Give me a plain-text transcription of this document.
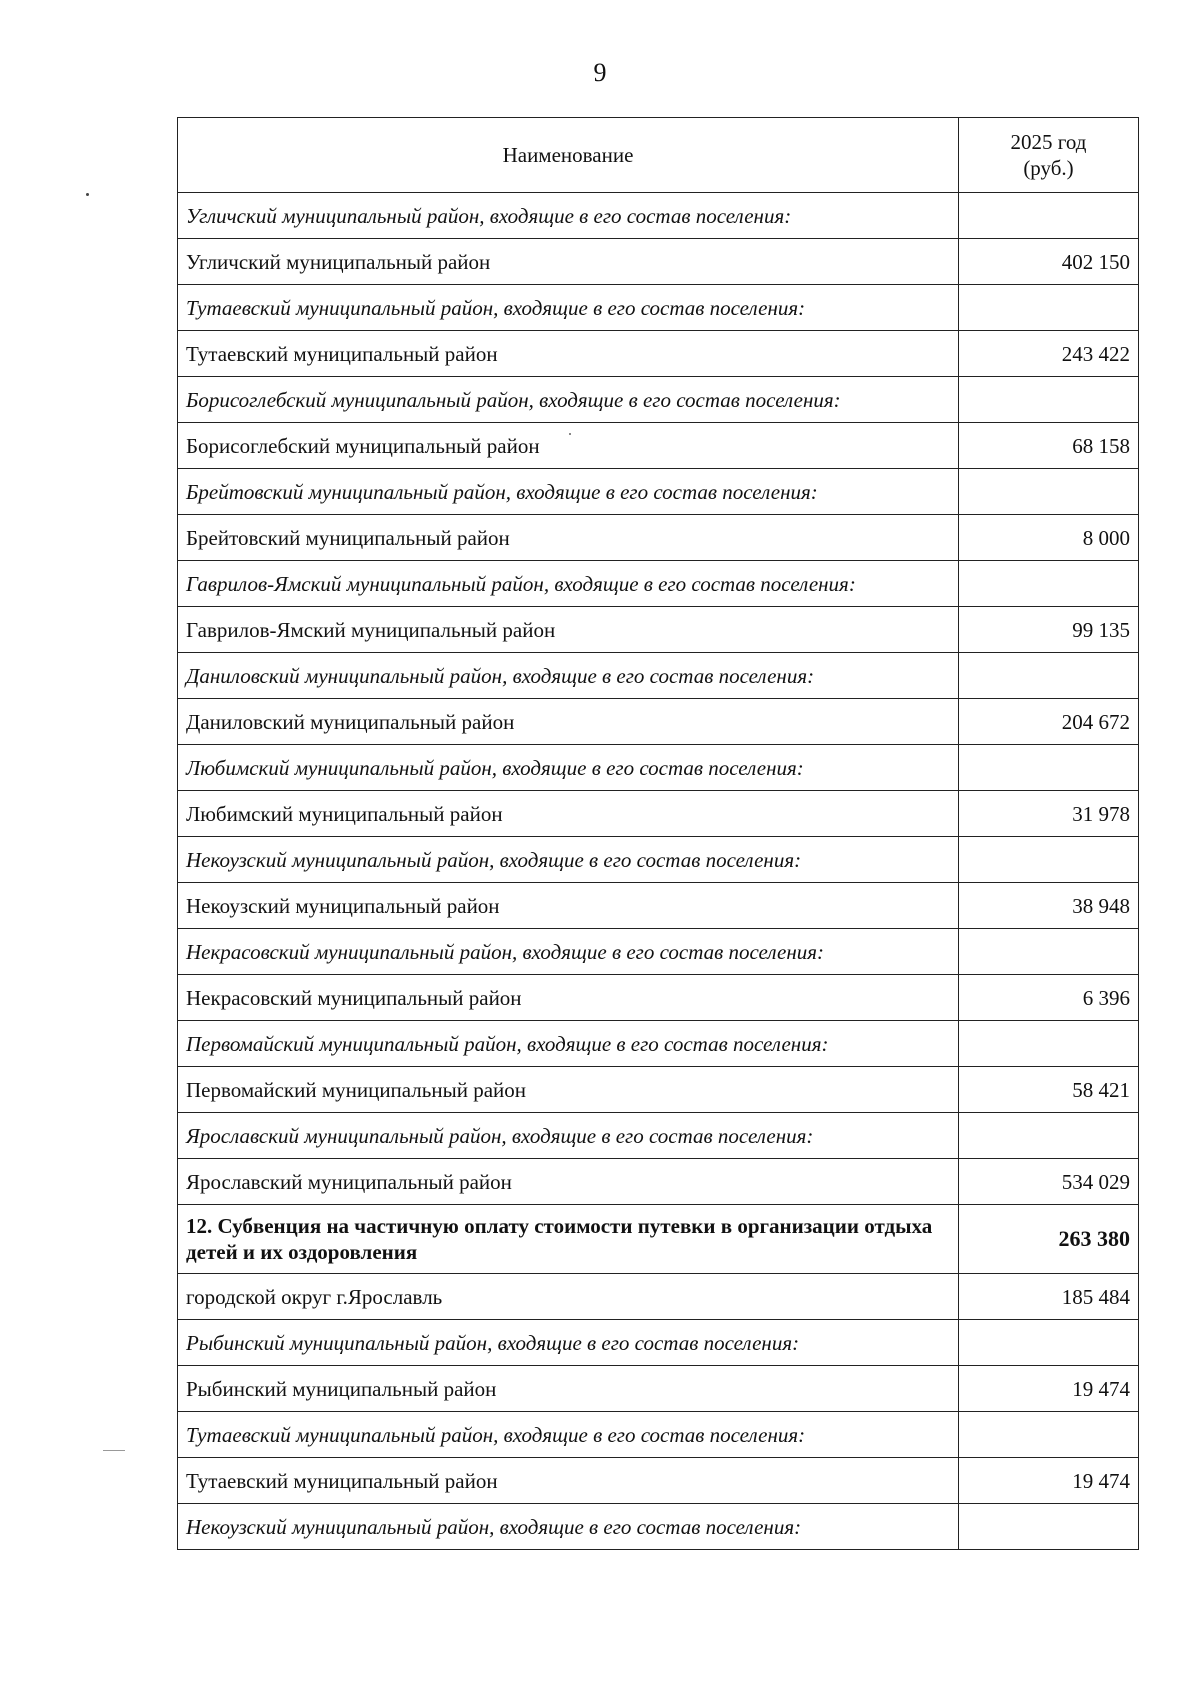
9
Наименование	2025 год
(руб.)

Угличский муниципальный район, входящие в его состав поселения:	
Угличский муниципальный район	402 150
Тутаевский муниципальный район, входящие в его состав поселения:	
Тутаевский муниципальный район	243 422
Борисоглебский муниципальный район, входящие в его состав поселения:	
Борисоглебский муниципальный район	68 158
Брейтовский муниципальный район, входящие в его состав поселения:	
Брейтовский муниципальный район	8 000
Гаврилов-Ямский муниципальный район, входящие в его состав поселения:	
Гаврилов-Ямский муниципальный район	99 135
Даниловский муниципальный район, входящие в его состав поселения:	
Даниловский муниципальный район	204 672
Любимский муниципальный район, входящие в его состав поселения:	
Любимский муниципальный район	31 978
Некоузский муниципальный район, входящие в его состав поселения:	
Некоузский муниципальный район	38 948
Некрасовский муниципальный район, входящие в его состав поселения:	
Некрасовский муниципальный район	6 396
Первомайский муниципальный район, входящие в его состав поселения:	
Первомайский муниципальный район	58 421
Ярославский муниципальный район, входящие в его состав поселения:	
Ярославский муниципальный район	534 029
12. Субвенция на частичную оплату стоимости путевки в организации отдыха детей и их оздоровления	263 380
городской округ г.Ярославль	185 484
Рыбинский муниципальный район, входящие в его состав поселения:	
Рыбинский муниципальный район	19 474
Тутаевский муниципальный район, входящие в его состав поселения:	
Тутаевский муниципальный район	19 474
Некоузский муниципальный район, входящие в его состав поселения:	
